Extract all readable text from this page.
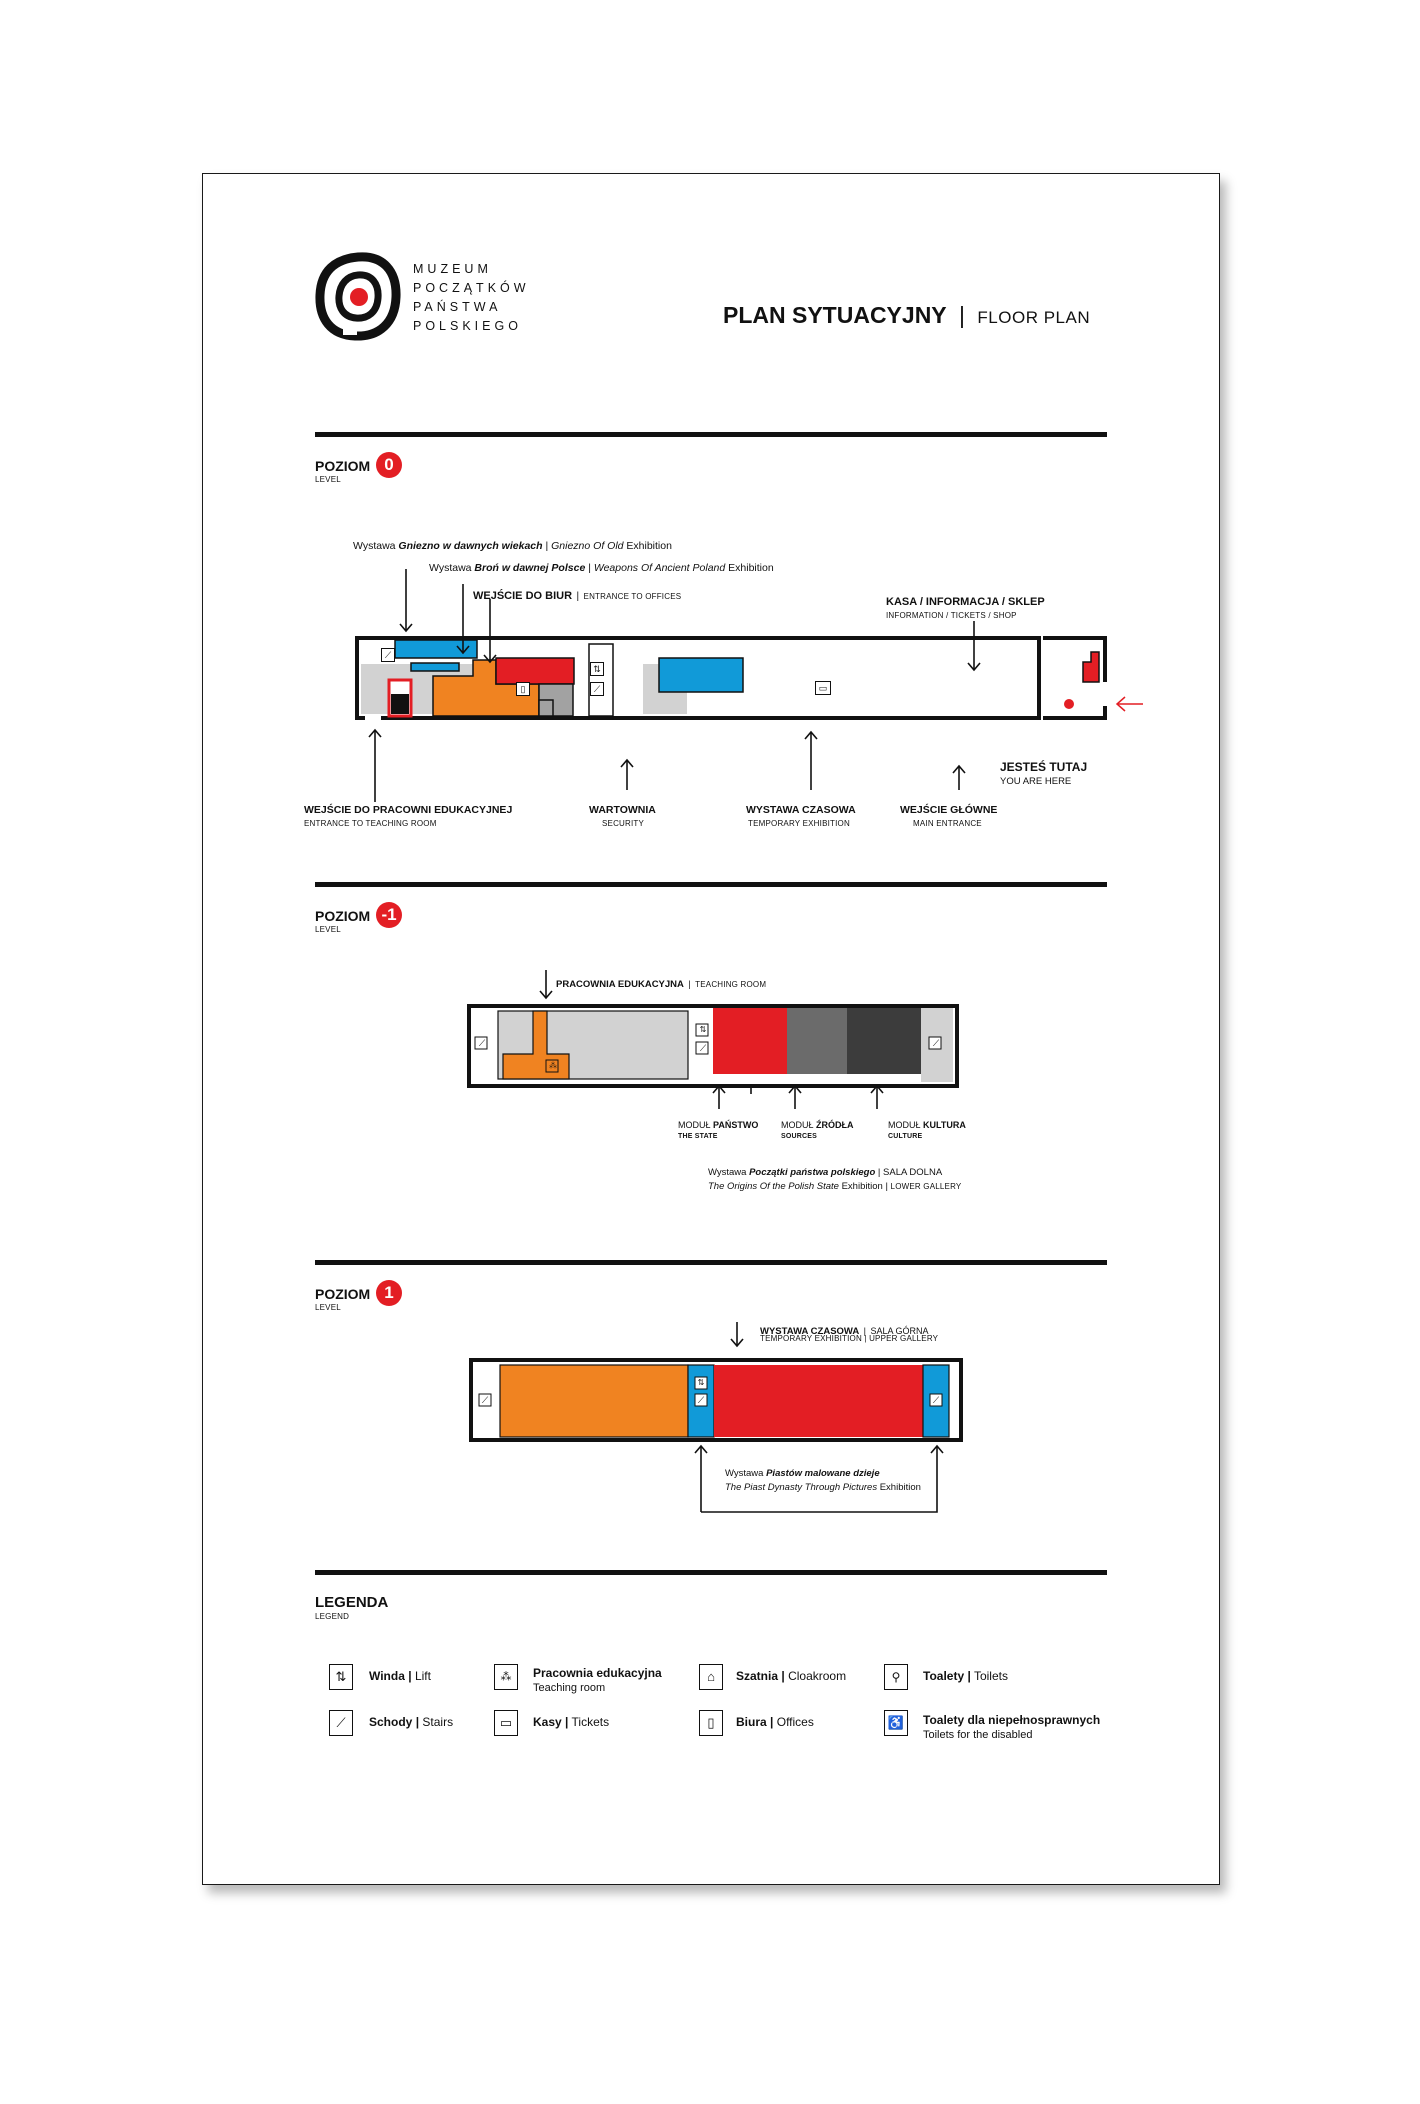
MUZEUM
POCZĄTKÓW
PAŃSTWA
POLSKIEGO	PLAN SYTUACYJNY | FLOOR PLAN
POZIOM 0
LEVEL
Wystawa Gniezno w dawnych wiekach | Gniezno Of Old Exhibition
Wystawa Broń w dawnej Polsce | Weapons Of Ancient Poland Exhibition
WEJŚCIE DO BIUR | ENTRANCE TO OFFICES	KASA / INFORMACJA / SKLEP
INFORMATION / TICKETS / SHOP
⟋
⇅
⟋
▯
⌂
▭
JESTEŚ TUTAJ
YOU ARE HERE
WEJŚCIE DO PRACOWNI EDUKACYJNEJ
ENTRANCE TO TEACHING ROOM
WARTOWNIA
SECURITY
WYSTAWA CZASOWA
TEMPORARY EXHIBITION
WEJŚCIE GŁÓWNE
MAIN ENTRANCE
POZIOM -1
LEVEL
PRACOWNIA EDUKACYJNA | TEACHING ROOM
⟋
⇅
⟋	⟋
⁂
MODUŁ PAŃSTWO
THE STATE
MODUŁ ŹRÓDŁA
SOURCES
MODUŁ KULTURA
CULTURE
Wystawa Początki państwa polskiego | SALA DOLNA
The Origins Of the Polish State Exhibition | LOWER GALLERY
POZIOM 1
LEVEL
WYSTAWA CZASOWA | SALA GÓRNA
TEMPORARY EXHIBITION | UPPER GALLERY
⟋
⇅
⟋	⟋
Wystawa Piastów malowane dzieje
The Piast Dynasty Through Pictures Exhibition
LEGENDA
LEGEND
⇅	Winda | Lift
⟋	Schody | Stairs
⁂	Pracownia edukacyjna
Teaching room
▭	Kasy | Tickets
⌂	Szatnia | Cloakroom
▯	Biura | Offices
⚲	Toalety | Toilets
♿	Toalety dla niepełnosprawnych
Toilets for the disabled
